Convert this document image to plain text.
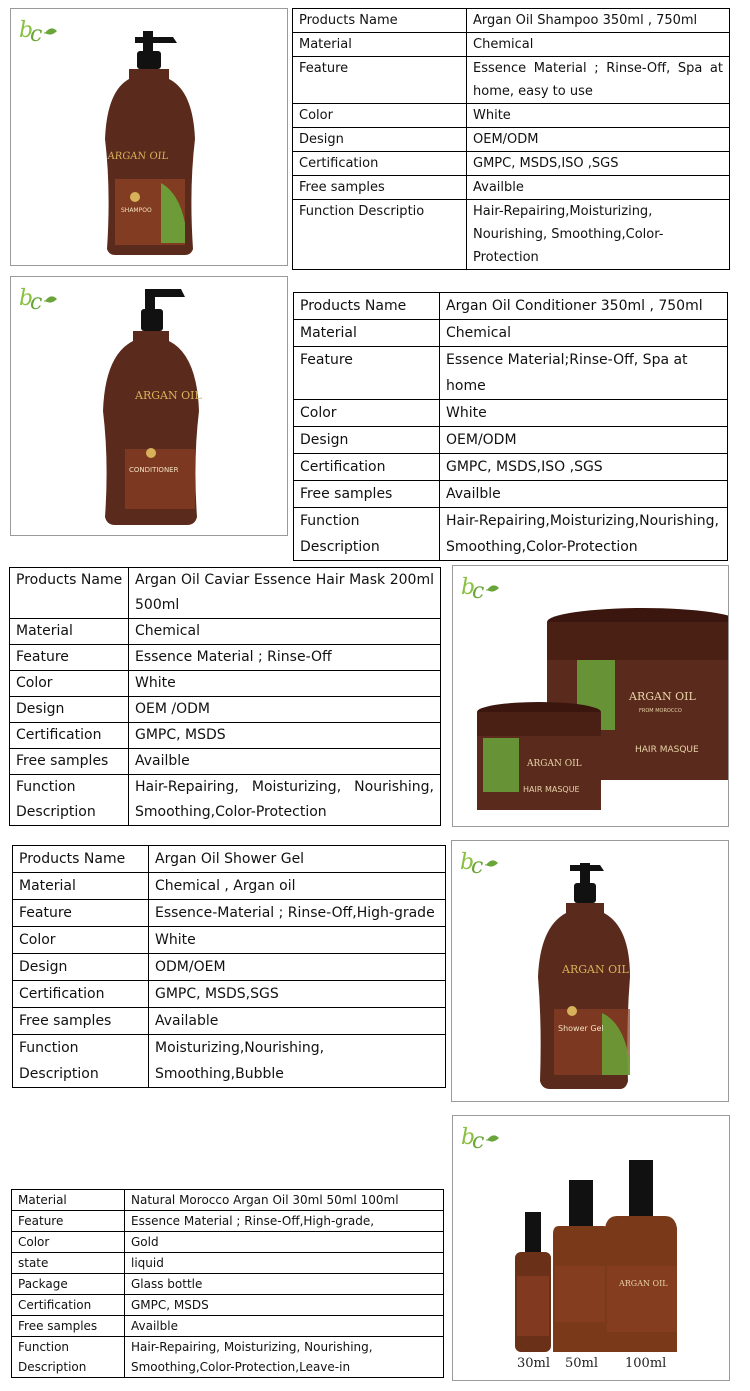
b
c
ARGAN OIL
SHAMPOO
Products Name	Argan Oil Shampoo 350ml , 750ml
Material	Chemical
Feature	Essence Material ; Rinse-Off, Spa at home, easy to use
Color	White
Design	OEM/ODM
Certification	GMPC, MSDS,ISO ,SGS
Free samples	Availble
Function Descriptio	Hair-Repairing,Moisturizing, Nourishing, Smoothing,Color-Protection
b
c
ARGAN OIL
CONDITIONER
Products Name	Argan Oil Conditioner 350ml , 750ml
Material	Chemical
Feature	Essence Material;Rinse-Off, Spa at home
Color	White
Design	OEM/ODM
Certification	GMPC, MSDS,ISO ,SGS
Free samples	Availble
Function Description	Hair-Repairing,Moisturizing,Nourishing, Smoothing,Color-Protection
Products Name	Argan Oil Caviar Essence Hair Mask 200ml 500ml
Material	Chemical
Feature	Essence Material ; Rinse-Off
Color	White
Design	OEM /ODM
Certification	GMPC, MSDS
Free samples	Availble
Function Description	Hair-Repairing, Moisturizing, Nourishing, Smoothing,Color-Protection
b
c
ARGAN OIL
FROM MOROCCO
HAIR MASQUE
ARGAN OIL
HAIR MASQUE
Products Name	Argan Oil Shower Gel
Material	Chemical , Argan oil
Feature	Essence-Material ; Rinse-Off,High-grade
Color	White
Design	ODM/OEM
Certification	GMPC, MSDS,SGS
Free samples	Available
Function Description	Moisturizing,Nourishing, Smoothing,Bubble
b
c
ARGAN OIL
Shower Gel
Material	Natural Morocco Argan Oil 30ml 50ml 100ml
Feature	Essence Material ; Rinse-Off,High-grade,
Color	Gold
state	liquid
Package	Glass bottle
Certification	GMPC, MSDS
Free samples	Availble
Function Description	Hair-Repairing, Moisturizing, Nourishing, Smoothing,Color-Protection,Leave-in
b
c
ARGAN OIL
30ml 50ml 100ml
